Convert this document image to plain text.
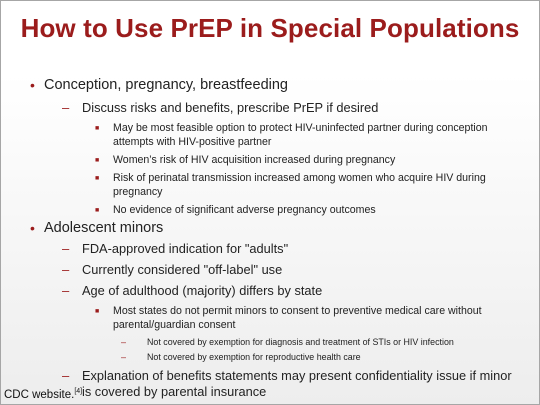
How to Use PrEP in Special Populations
• Conception, pregnancy, breastfeeding
– Discuss risks and benefits, prescribe PrEP if desired
■	May be most feasible option to protect HIV-uninfected partner during conception attempts with HIV-positive partner
■	Women’s risk of HIV acquisition increased during pregnancy
■	Risk of perinatal transmission increased among women who acquire HIV during pregnancy
■	No evidence of significant adverse pregnancy outcomes
• Adolescent minors
– FDA-approved indication for "adults"
– Currently considered "off-label" use
– Age of adulthood (majority) differs by state
■	Most states do not permit minors to consent to preventive medical care without parental/guardian consent
–	Not covered by exemption for diagnosis and treatment of STIs or HIV infection
–	Not covered by exemption for reproductive health care
– Explanation of benefits statements may present confidentiality issue if minor is covered by parental insurance
CDC website.[4]
